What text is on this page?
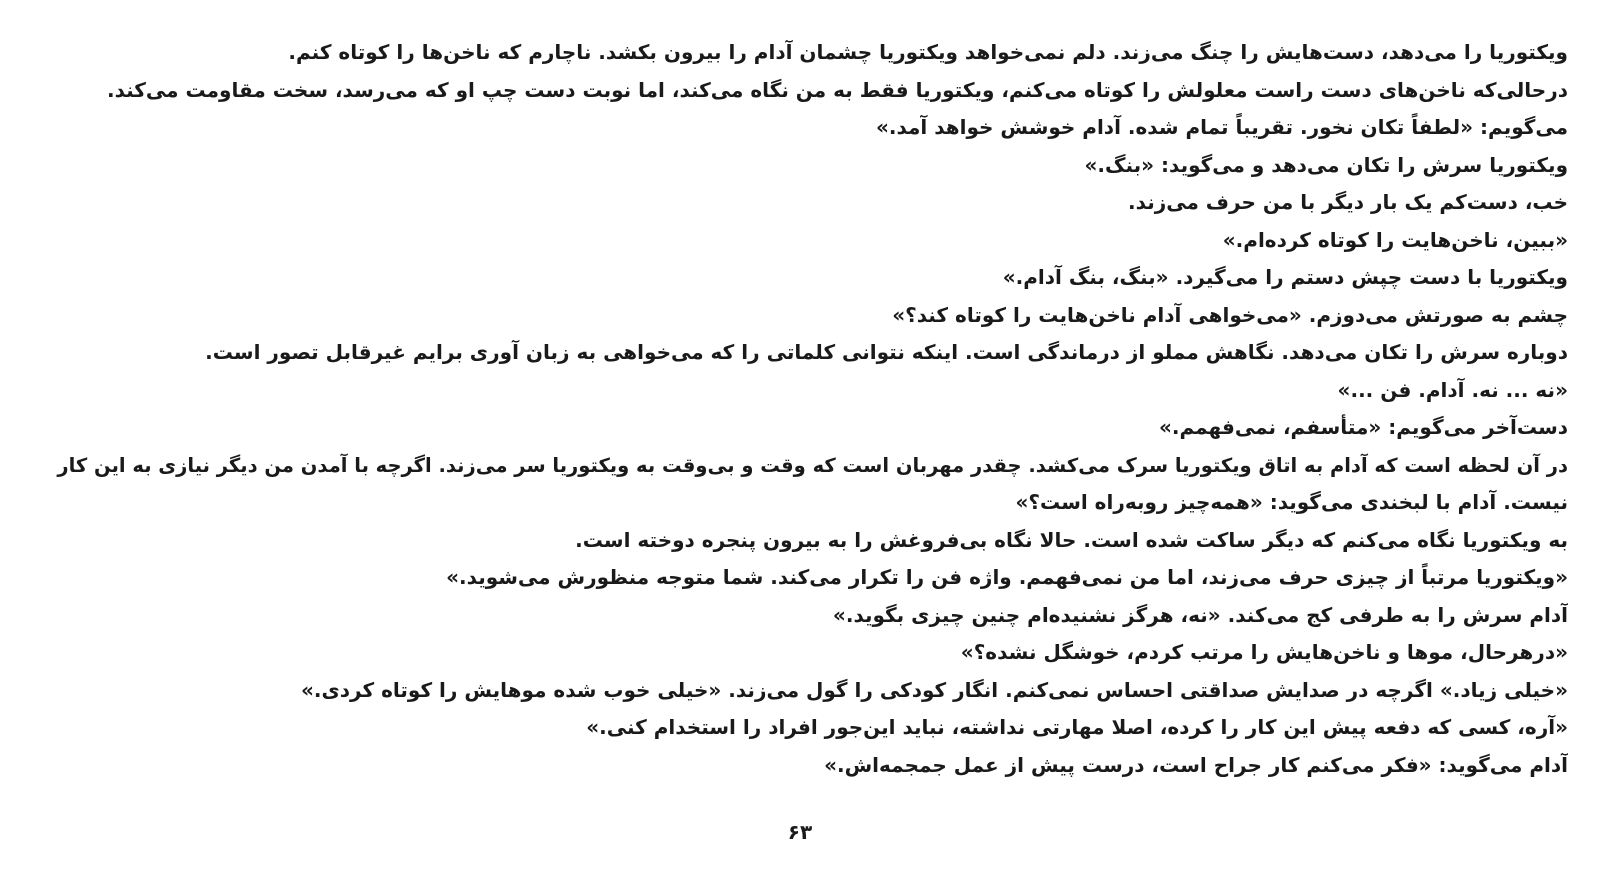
ویکتوریا را می‌دهد، دست‌هایش را چنگ می‌زند. دلم نمی‌خواهد ویکتوریا چشمان آدام را بیرون بکشد. ناچارم که ناخن‌ها را کوتاه کنم.
درحالی‌که ناخن‌های دست راست معلولش را کوتاه می‌کنم، ویکتوریا فقط به من نگاه می‌کند، اما نوبت دست چپ او که می‌رسد، سخت مقاومت می‌کند.
می‌گویم: «لطفاً تکان نخور. تقریباً تمام شده. آدام خوشش خواهد آمد.»
ویکتوریا سرش را تکان می‌دهد و می‌گوید: «بنگ.»
خب، دست‌کم یک بار دیگر با من حرف می‌زند.
«ببین، ناخن‌هایت را کوتاه کرده‌ام.»
ویکتوریا با دست چپش دستم را می‌گیرد. «بنگ، بنگ آدام.»
چشم به صورتش می‌دوزم. «می‌خواهی آدام ناخن‌هایت را کوتاه کند؟»
دوباره سرش را تکان می‌دهد. نگاهش مملو از درماندگی است. اینکه نتوانی کلماتی را که می‌خواهی به زبان آوری برایم غیرقابل تصور است.
«نه ... نه. آدام. فن ...»
دست‌آخر می‌گویم: «متأسفم، نمی‌فهمم.»
در آن لحظه است که آدام به اتاق ویکتوریا سرک می‌کشد. چقدر مهربان است که وقت و بی‌وقت به ویکتوریا سر می‌زند. اگرچه با آمدن من دیگر نیازی به این کار
نیست. آدام با لبخندی می‌گوید: «همه‌چیز روبه‌راه است؟»
به ویکتوریا نگاه می‌کنم که دیگر ساکت شده است. حالا نگاه بی‌فروغش را به بیرون پنجره دوخته است.
«ویکتوریا مرتباً از چیزی حرف می‌زند، اما من نمی‌فهمم. واژه فن را تکرار می‌کند. شما متوجه منظورش می‌شوید.»
آدام سرش را به طرفی کج می‌کند. «نه، هرگز نشنیده‌ام چنین چیزی بگوید.»
«درهرحال، موها و ناخن‌هایش را مرتب کردم، خوشگل نشده؟»
«خیلی زیاد.» اگرچه در صدایش صداقتی احساس نمی‌کنم. انگار کودکی را گول می‌زند. «خیلی خوب شده موهایش را کوتاه کردی.»
«آره، کسی که دفعه پیش این کار را کرده، اصلا مهارتی نداشته، نباید این‌جور افراد را استخدام کنی.»
آدام می‌گوید: «فکر می‌کنم کار جراح است، درست پیش از عمل جمجمه‌اش.»
۶۳
